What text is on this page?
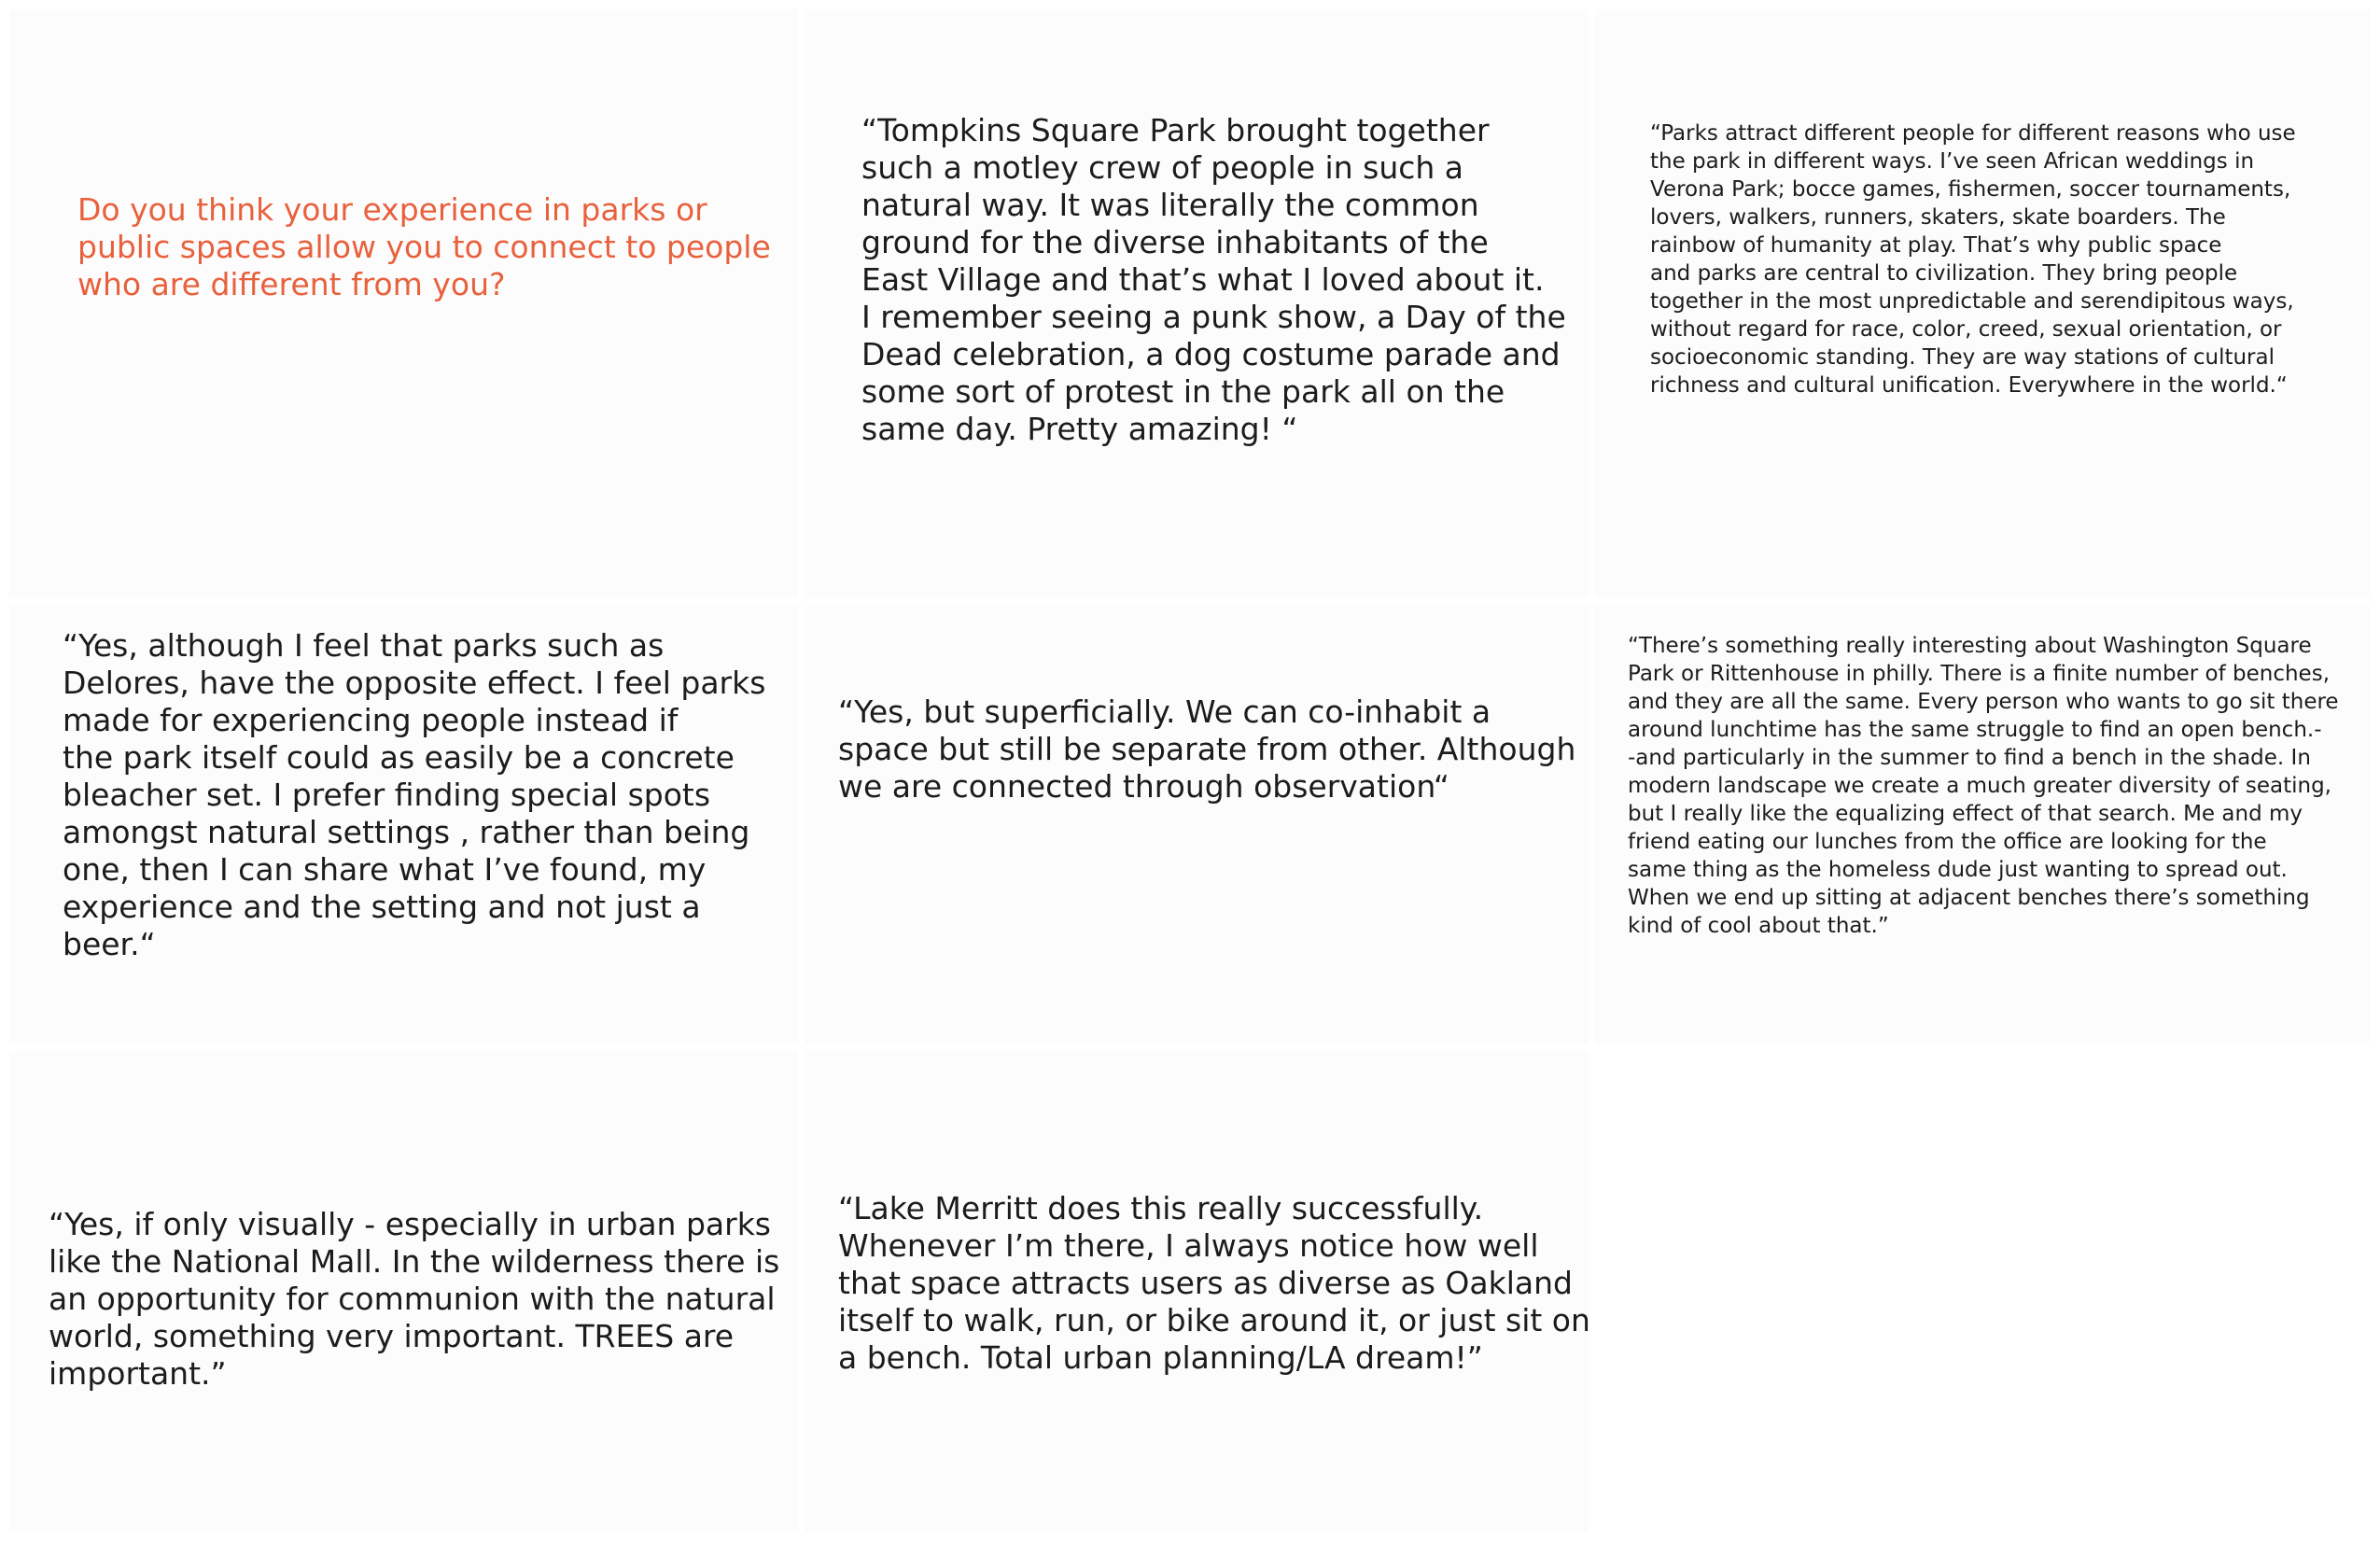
Do you think your experience in parks or
public spaces allow you to connect to people
who are different from you?

“Tompkins Square Park brought together
such a motley crew of people in such a
natural way. It was literally the common
ground for the diverse inhabitants of the
East Village and that’s what I loved about it.
I remember seeing a punk show, a Day of the
Dead celebration, a dog costume parade and
some sort of protest in the park all on the
same day. Pretty amazing! “

“Parks attract different people for different reasons who use
the park in different ways. I’ve seen African weddings in
Verona Park; bocce games, fishermen, soccer tournaments,
lovers, walkers, runners, skaters, skate boarders. The
rainbow of humanity at play. That’s why public space
and parks are central to civilization. They bring people
together in the most unpredictable and serendipitous ways,
without regard for race, color, creed, sexual orientation, or
socioeconomic standing. They are way stations of cultural
richness and cultural unification. Everywhere in the world.“

“Yes, although I feel that parks such as
Delores, have the opposite effect. I feel parks
made for experiencing people instead if
the park itself could as easily be a concrete
bleacher set. I prefer finding special spots
amongst natural settings , rather than being
one, then I can share what I’ve found, my
experience and the setting and not just a
beer.“

“Yes, but superficially. We can co-inhabit a
space but still be separate from other. Although
we are connected through observation“

“There’s something really interesting about Washington Square
Park or Rittenhouse in philly. There is a finite number of benches,
and they are all the same. Every person who wants to go sit there
around lunchtime has the same struggle to find an open bench.-
-and particularly in the summer to find a bench in the shade. In
modern landscape we create a much greater diversity of seating,
but I really like the equalizing effect of that search. Me and my
friend eating our lunches from the office are looking for the
same thing as the homeless dude just wanting to spread out.
When we end up sitting at adjacent benches there’s something
kind of cool about that.”

“Yes, if only visually - especially in urban parks
like the National Mall. In the wilderness there is
an opportunity for communion with the natural
world, something very important. TREES are
important.”

“Lake Merritt does this really successfully.
Whenever I’m there, I always notice how well
that space attracts users as diverse as Oakland
itself to walk, run, or bike around it, or just sit on
a bench. Total urban planning/LA dream!”
